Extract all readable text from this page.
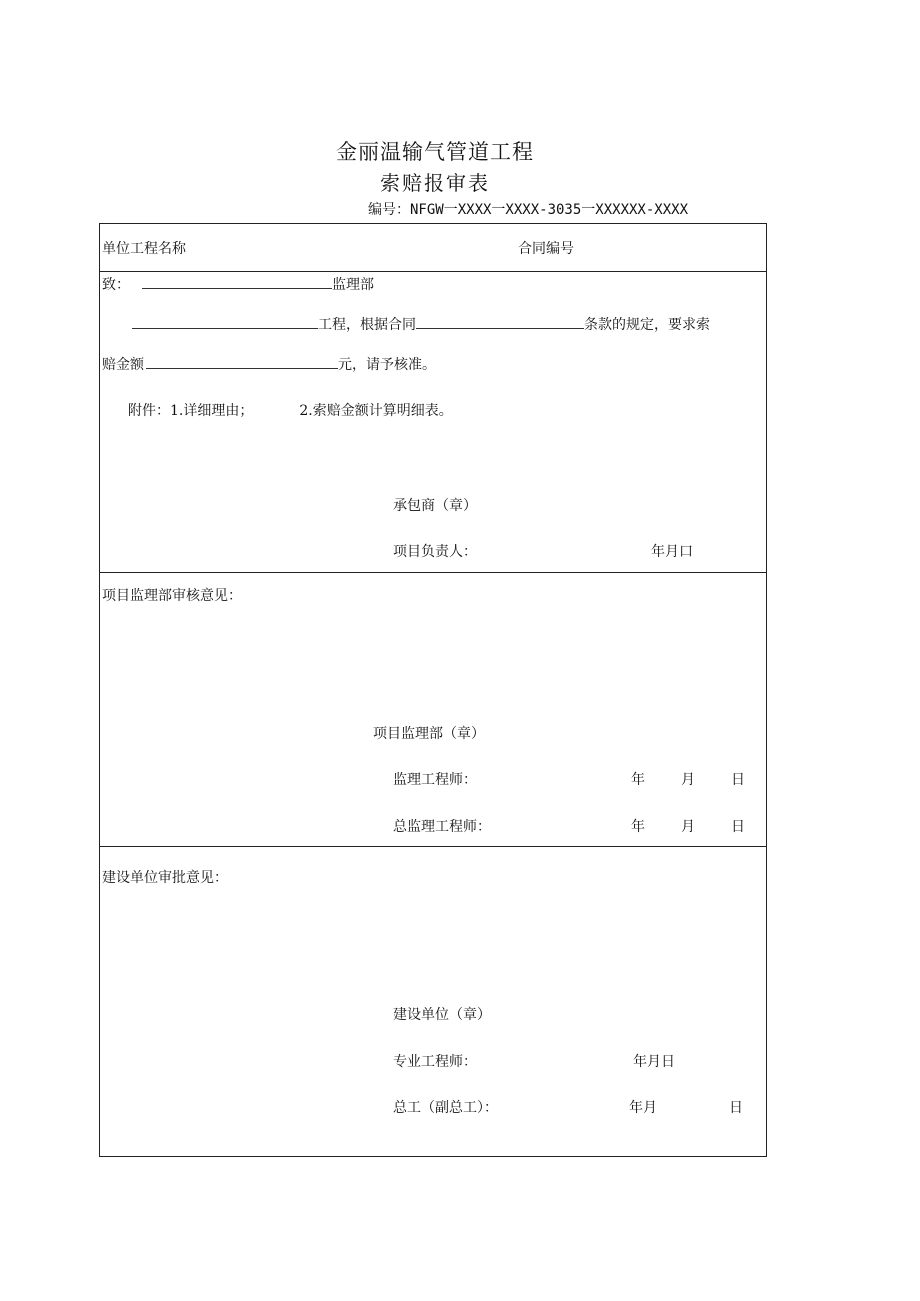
金丽温输气管道工程
索赔报审表
编号：NFGW一XXXX一XXXX-3035一XXXXXX-XXXX
单位工程名称	合同编号
致：	监理部
工程，根据合同	条款的规定，要求索
赔金额	元，请予核准。
附件：1.详细理由；	2.索赔金额计算明细表。
承包商（章）
项目负责人：	年月口
项目监理部审核意见：
项目监理部（章）
监理工程师：	年	月	日
总监理工程师：	年	月	日
建设单位审批意见：
建设单位（章）
专业工程师：	年月日
总工（副总工）：	年月	日
